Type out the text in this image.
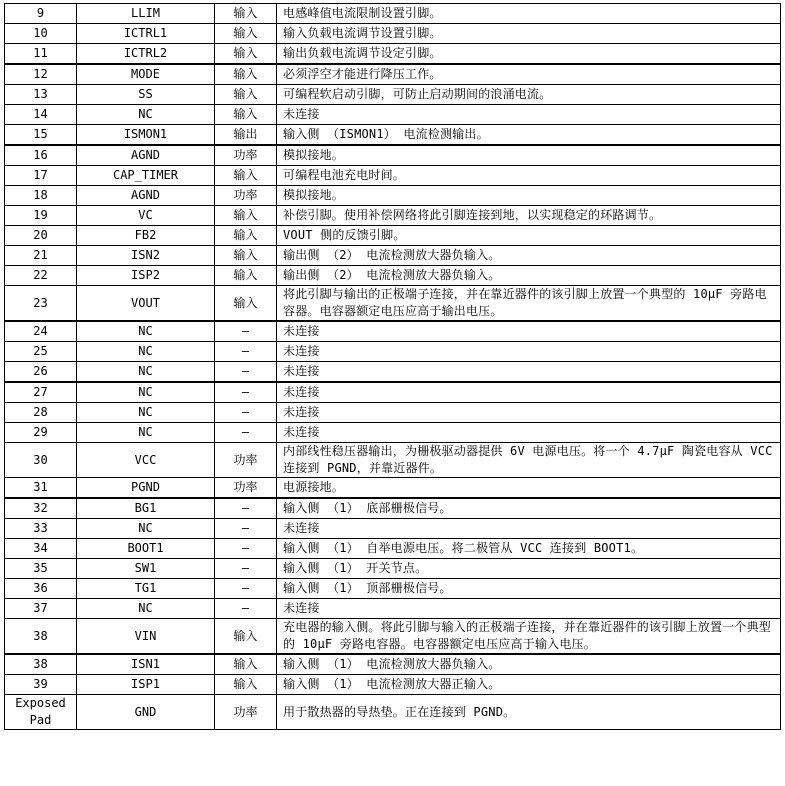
9	LLIM	输入	电感峰值电流限制设置引脚。
10	ICTRL1	输入	输入负载电流调节设置引脚。
11	ICTRL2	输入	输出负载电流调节设定引脚。
12	MODE	输入	必须浮空才能进行降压工作。
13	SS	输入	可编程软启动引脚，可防止启动期间的浪涌电流。
14	NC	输入	未连接
15	ISMON1	输出	输入侧 （ISMON1） 电流检测输出。
16	AGND	功率	模拟接地。
17	CAP_TIMER	输入	可编程电池充电时间。
18	AGND	功率	模拟接地。
19	VC	输入	补偿引脚。使用补偿网络将此引脚连接到地，以实现稳定的环路调节。
20	FB2	输入	VOUT 侧的反馈引脚。
21	ISN2	输入	输出侧 （2） 电流检测放大器负输入。
22	ISP2	输入	输出侧 （2） 电流检测放大器负输入。
23	VOUT	输入	将此引脚与输出的正极端子连接，并在靠近器件的该引脚上放置一个典型的 10μF 旁路电容器。电容器额定电压应高于输出电压。
24	NC	–	未连接
25	NC	–	未连接
26	NC	–	未连接
27	NC	–	未连接
28	NC	–	未连接
29	NC	–	未连接
30	VCC	功率	内部线性稳压器输出，为栅极驱动器提供 6V 电源电压。将一个 4.7μF 陶瓷电容从 VCC 连接到 PGND，并靠近器件。
31	PGND	功率	电源接地。
32	BG1	–	输入侧 （1） 底部栅极信号。
33	NC	–	未连接
34	BOOT1	–	输入侧 （1） 自举电源电压。将二极管从 VCC 连接到 BOOT1。
35	SW1	–	输入侧 （1） 开关节点。
36	TG1	–	输入侧 （1） 顶部栅极信号。
37	NC	–	未连接
38	VIN	输入	充电器的输入侧。将此引脚与输入的正极端子连接，并在靠近器件的该引脚上放置一个典型的 10μF 旁路电容器。电容器额定电压应高于输入电压。
38	ISN1	输入	输入侧 （1） 电流检测放大器负输入。
39	ISP1	输入	输入侧 （1） 电流检测放大器正输入。
Exposed Pad	GND	功率	用于散热器的导热垫。正在连接到 PGND。
